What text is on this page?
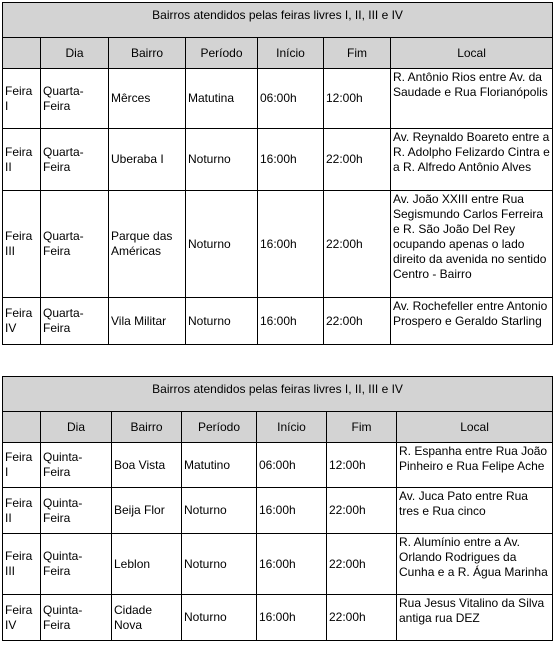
Bairros atendidos pelas feiras livres I, II, III e IV						
	Dia	Bairro	Período	Início	Fim	Local
Feira I	Quarta-Feira	Mêrces	Matutina	06:00h	12:00h	R. Antônio Rios entre Av. da Saudade e Rua Florianópolis
Feira II	Quarta-Feira	Uberaba I	Noturno	16:00h	22:00h	Av. Reynaldo Boareto entre a R. Adolpho Felizardo Cintra e a R. Alfredo Antônio Alves
Feira III	Quarta-Feira	Parque das Américas	Noturno	16:00h	22:00h	Av. João XXIII entre Rua Segismundo Carlos Ferreira e R. São João Del Rey ocupando apenas o lado direito da avenida no sentido Centro - Bairro
Feira IV	Quarta-Feira	Vila Militar	Noturno	16:00h	22:00h	Av. Rochefeller entre Antonio Prospero e Geraldo Starling
Bairros atendidos pelas feiras livres I, II, III e IV						
	Dia	Bairro	Período	Início	Fim	Local
Feira I	Quinta-Feira	Boa Vista	Matutino	06:00h	12:00h	R. Espanha entre Rua João Pinheiro e Rua Felipe Ache
Feira II	Quinta-Feira	Beija Flor	Noturno	16:00h	22:00h	Av. Juca Pato entre Rua tres e Rua cinco
Feira III	Quinta-Feira	Leblon	Noturno	16:00h	22:00h	R. Alumínio entre a Av. Orlando Rodrigues da Cunha e a R. Água Marinha
Feira IV	Quinta-Feira	Cidade Nova	Noturno	16:00h	22:00h	Rua Jesus Vitalino da Silva antiga rua DEZ
